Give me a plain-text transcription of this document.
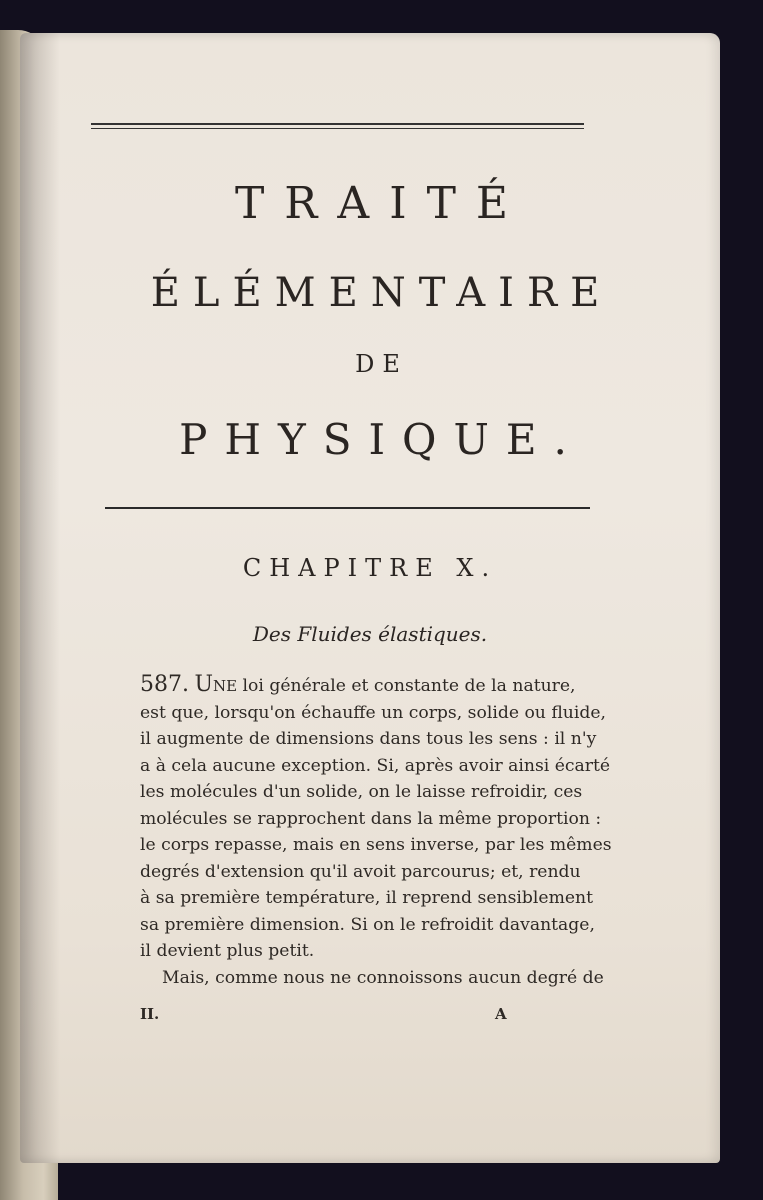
TRAITÉ
ÉLÉMENTAIRE
DE
PHYSIQUE.
CHAPITRE X.
Des Fluides élastiques.
587. Une loi générale et constante de la nature,
est que, lorsqu'on échauffe un corps, solide ou fluide,
il augmente de dimensions dans tous les sens : il n'y
a à cela aucune exception. Si, après avoir ainsi écarté
les molécules d'un solide, on le laisse refroidir, ces
molécules se rapprochent dans la même proportion :
le corps repasse, mais en sens inverse, par les mêmes
degrés d'extension qu'il avoit parcourus; et, rendu
à sa première température, il reprend sensiblement
sa première dimension. Si on le refroidit davantage,
il devient plus petit.
Mais, comme nous ne connoissons aucun degré de
II.	A
